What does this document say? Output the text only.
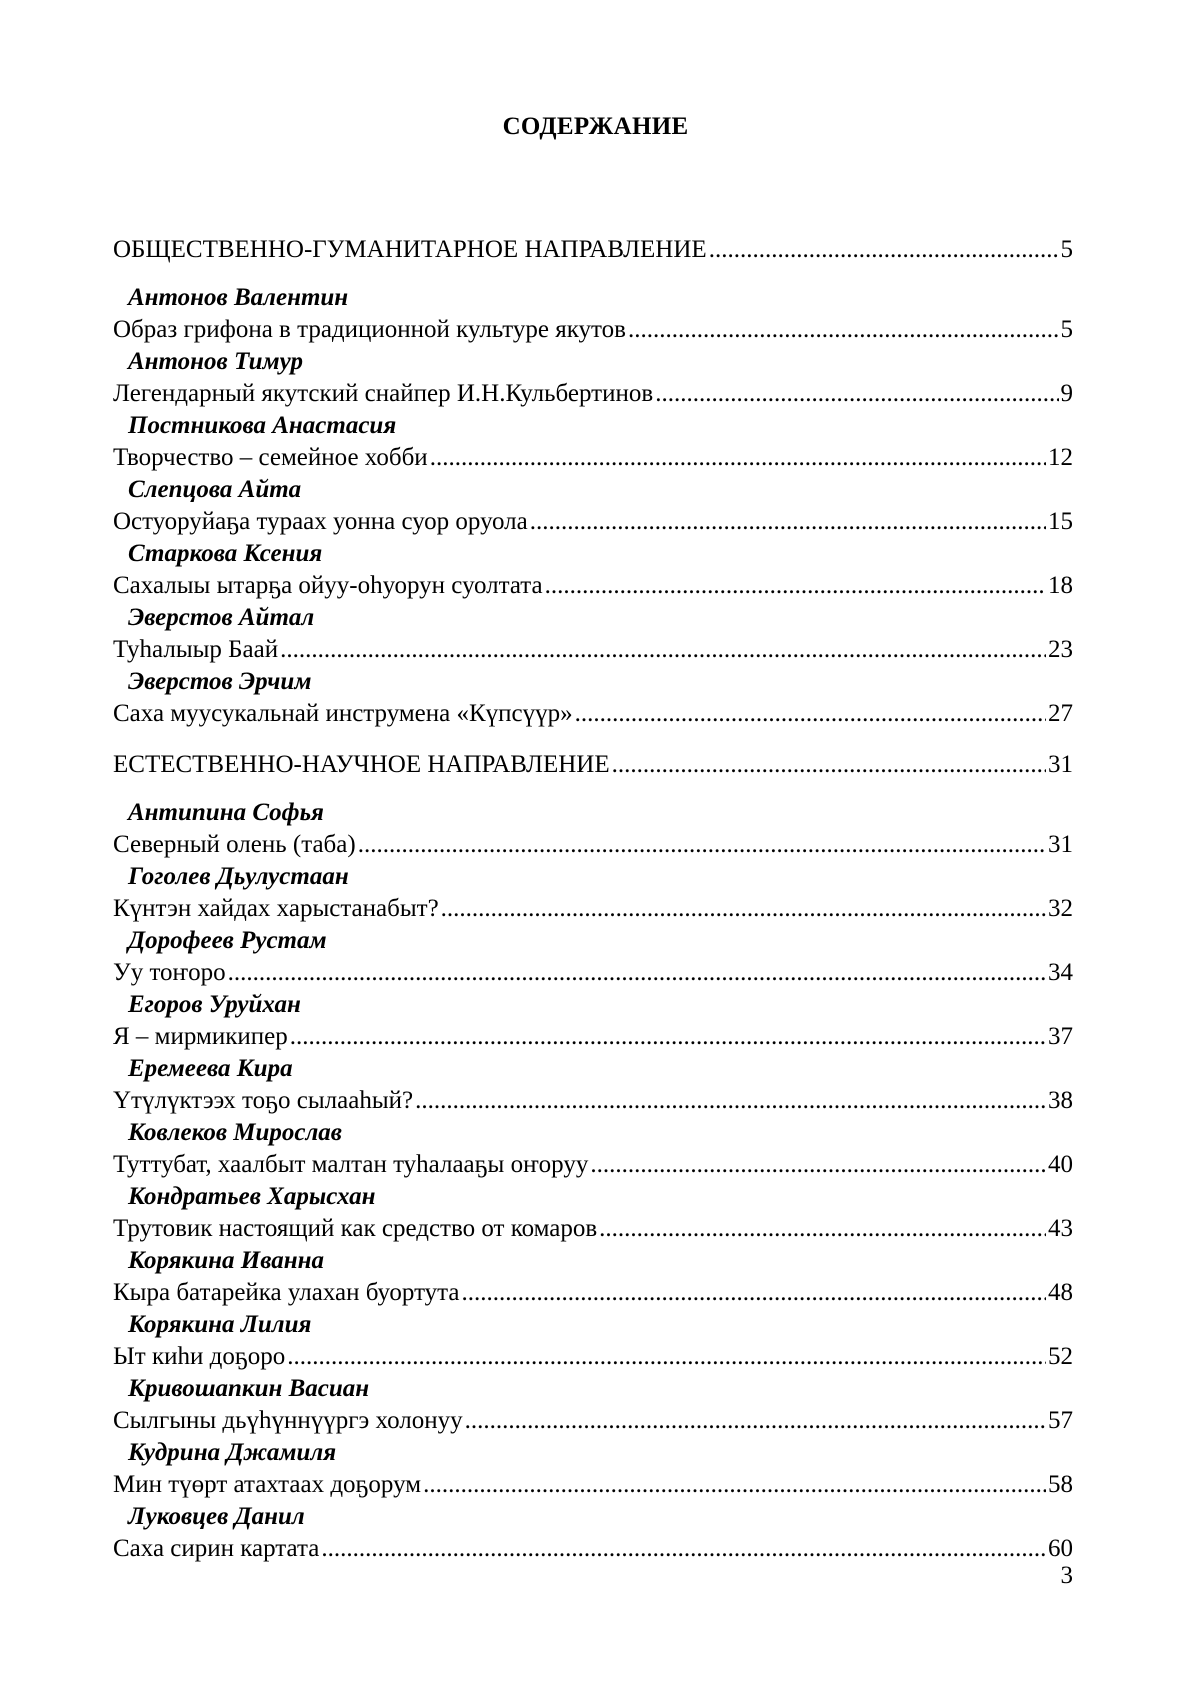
СОДЕРЖАНИЕ
ОБЩЕСТВЕННО-ГУМАНИТАРНОЕ НАПРАВЛЕНИЕ .....	5
Антонов Валентин
Образ грифона в традиционной культуре якутов .....	5
Антонов Тимур
Легендарный якутский снайпер И.Н.Кульбертинов .....	9
Постникова Анастасия
Творчество – семейное хобби .....	12
Слепцова Айта
Остуоруйаҕа тураах уонна суор оруола .....	15
Старкова Ксения
Сахалыы ытарҕа ойуу-оһуорун суолтата .....	18
Эверстов Айтал
Туһалыыр Баай .....	23
Эверстов Эрчим
Саха муусукальнай инструмена «Күпсүүр» .....	27
ЕСТЕСТВЕННО-НАУЧНОЕ НАПРАВЛЕНИЕ .....	31
Антипина Софья
Северный олень (таба) .....	31
Гоголев Дьулустаан
Күнтэн хайдах харыстанабыт? .....	32
Дорофеев Рустам
Уу тоҥоро .....	34
Егоров Уруйхан
Я – мирмикипер .....	37
Еремеева Кира
Үтүлүктээх тоҕо сылааһый? .....	38
Ковлеков Мирослав
Туттубат, хаалбыт малтан туһалааҕы оҥоруу .....	40
Кондратьев Харысхан
Трутовик настоящий как средство от комаров .....	43
Корякина Иванна
Кыра батарейка улахан буортута .....	48
Корякина Лилия
Ыт киһи доҕоро .....	52
Кривошапкин Васиан
Сылгыны дьүһүннүүргэ холонуу .....	57
Кудрина Джамиля
Мин түөрт атахтаах доҕорум .....	58
Луковцев Данил
Саха сирин картата .....	60
3
